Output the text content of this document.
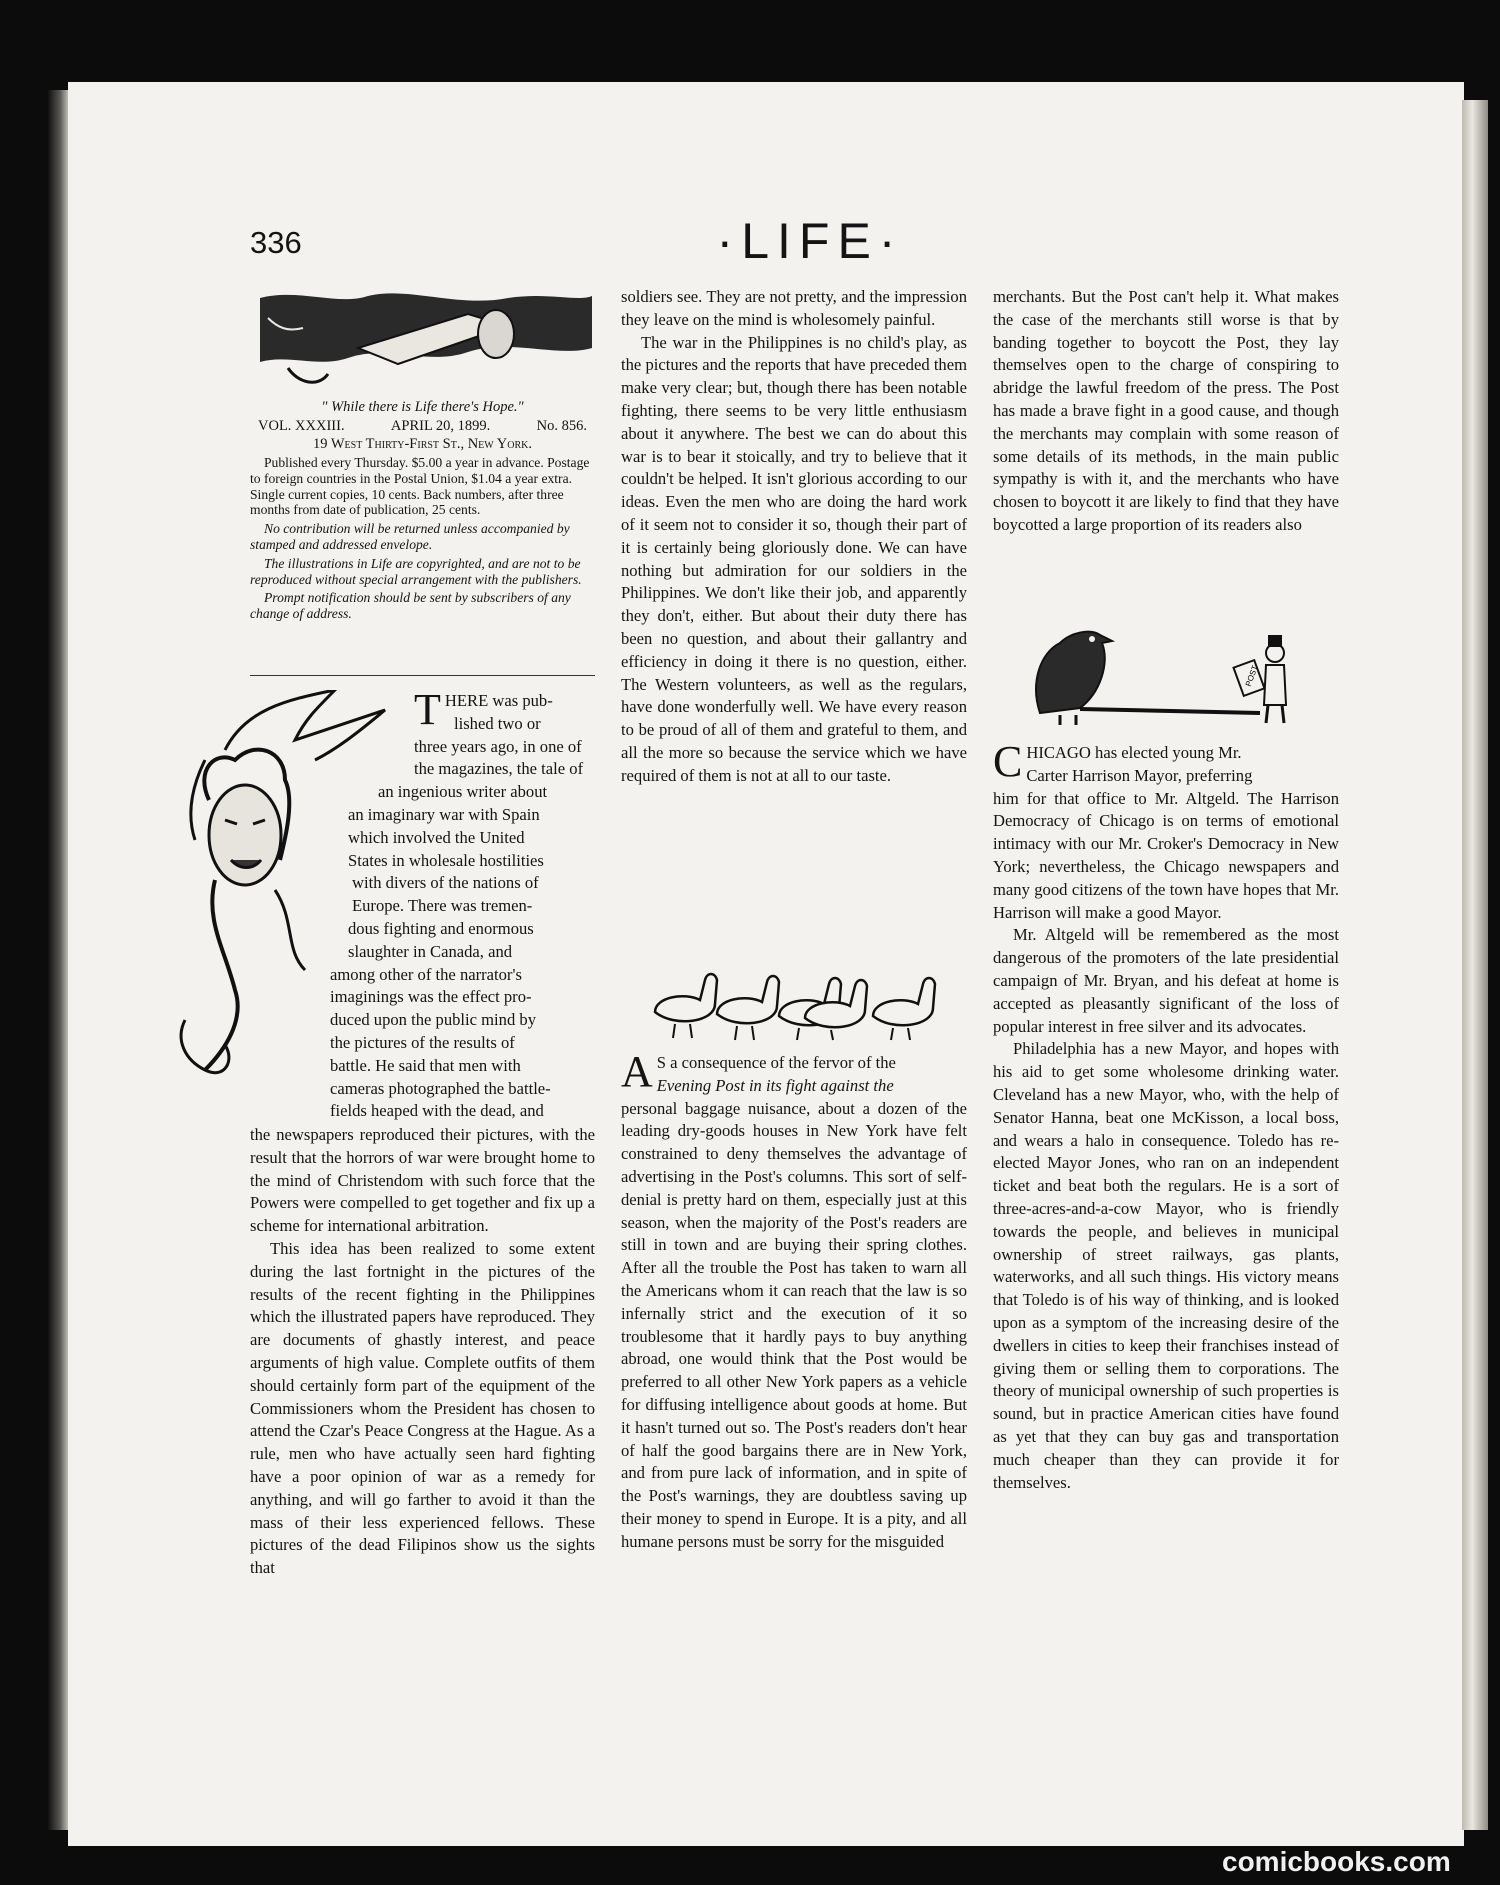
336	·LIFE·
" While there is Life there's Hope."
VOL. XXXIII.	APRIL 20, 1899.	No. 856.
19 West Thirty-First St., New York.

Published every Thursday. $5.00 a year in advance. Postage to foreign countries in the Postal Union, $1.04 a year extra. Single current copies, 10 cents. Back numbers, after three months from date of publication, 25 cents.

No contribution will be returned unless accompanied by stamped and addressed envelope.

The illustrations in Life are copyrighted, and are not to be reproduced without special arrangement with the publishers.

Prompt notification should be sent by subscribers of any change of address.

T HERE was pub-
lished two or
three years ago, in one of
the magazines, the tale of
an ingenious writer about
an imaginary war with Spain
which involved the United
States in wholesale hostilities
with divers of the nations of
Europe. There was tremen-
dous fighting and enormous
slaughter in Canada, and
among other of the narrator's
imaginings was the effect pro-
duced upon the public mind by
the pictures of the results of
battle. He said that men with
cameras photographed the battle-
fields heaped with the dead, and

the newspapers reproduced their pictures, with the result that the horrors of war were brought home to the mind of Christendom with such force that the Powers were compelled to get together and fix up a scheme for international arbitration.

This idea has been realized to some extent during the last fortnight in the pictures of the results of the recent fighting in the Philippines which the illustrated papers have reproduced. They are documents of ghastly interest, and peace arguments of high value. Complete outfits of them should certainly form part of the equipment of the Commissioners whom the President has chosen to attend the Czar's Peace Congress at the Hague. As a rule, men who have actually seen hard fighting have a poor opinion of war as a remedy for anything, and will go farther to avoid it than the mass of their less experienced fellows. These pictures of the dead Filipinos show us the sights that

soldiers see. They are not pretty, and the impression they leave on the mind is wholesomely painful.

The war in the Philippines is no child's play, as the pictures and the reports that have preceded them make very clear; but, though there has been notable fighting, there seems to be very little enthusiasm about it anywhere. The best we can do about this war is to bear it stoically, and try to believe that it couldn't be helped. It isn't glorious according to our ideas. Even the men who are doing the hard work of it seem not to consider it so, though their part of it is certainly being gloriously done. We can have nothing but admiration for our soldiers in the Philippines. We don't like their job, and apparently they don't, either. But about their duty there has been no question, and about their gallantry and efficiency in doing it there is no question, either. The Western volunteers, as well as the regulars, have done wonderfully well. We have every reason to be proud of all of them and grateful to them, and all the more so because the service which we have required of them is not at all to our taste.

A S a consequence of the fervor of the
Evening Post in its fight against the

personal baggage nuisance, about a dozen of the leading dry-goods houses in New York have felt constrained to deny themselves the advantage of advertising in the Post's columns. This sort of self-denial is pretty hard on them, especially just at this season, when the majority of the Post's readers are still in town and are buying their spring clothes. After all the trouble the Post has taken to warn all the Americans whom it can reach that the law is so infernally strict and the execution of it so troublesome that it hardly pays to buy anything abroad, one would think that the Post would be preferred to all other New York papers as a vehicle for diffusing intelligence about goods at home. But it hasn't turned out so. The Post's readers don't hear of half the good bargains there are in New York, and from pure lack of information, and in spite of the Post's warnings, they are doubtless saving up their money to spend in Europe. It is a pity, and all humane persons must be sorry for the misguided

merchants. But the Post can't help it. What makes the case of the merchants still worse is that by banding together to boycott the Post, they lay themselves open to the charge of conspiring to abridge the lawful freedom of the press. The Post has made a brave fight in a good cause, and though the merchants may complain with some reason of some details of its methods, in the main public sympathy is with it, and the merchants who have chosen to boycott it are likely to find that they have boycotted a large proportion of its readers also

POST
C HICAGO has elected young Mr.
Carter Harrison Mayor, preferring

him for that office to Mr. Altgeld. The Harrison Democracy of Chicago is on terms of emotional intimacy with our Mr. Croker's Democracy in New York; nevertheless, the Chicago newspapers and many good citizens of the town have hopes that Mr. Harrison will make a good Mayor.

Mr. Altgeld will be remembered as the most dangerous of the promoters of the late presidential campaign of Mr. Bryan, and his defeat at home is accepted as pleasantly significant of the loss of popular interest in free silver and its advocates.

Philadelphia has a new Mayor, and hopes with his aid to get some wholesome drinking water. Cleveland has a new Mayor, who, with the help of Senator Hanna, beat one McKisson, a local boss, and wears a halo in consequence. Toledo has re-elected Mayor Jones, who ran on an independent ticket and beat both the regulars. He is a sort of three-acres-and-a-cow Mayor, who is friendly towards the people, and believes in municipal ownership of street railways, gas plants, waterworks, and all such things. His victory means that Toledo is of his way of thinking, and is looked upon as a symptom of the increasing desire of the dwellers in cities to keep their franchises instead of giving them or selling them to corporations. The theory of municipal ownership of such properties is sound, but in practice American cities have found as yet that they can buy gas and transportation much cheaper than they can provide it for themselves.

comicbooks.com
